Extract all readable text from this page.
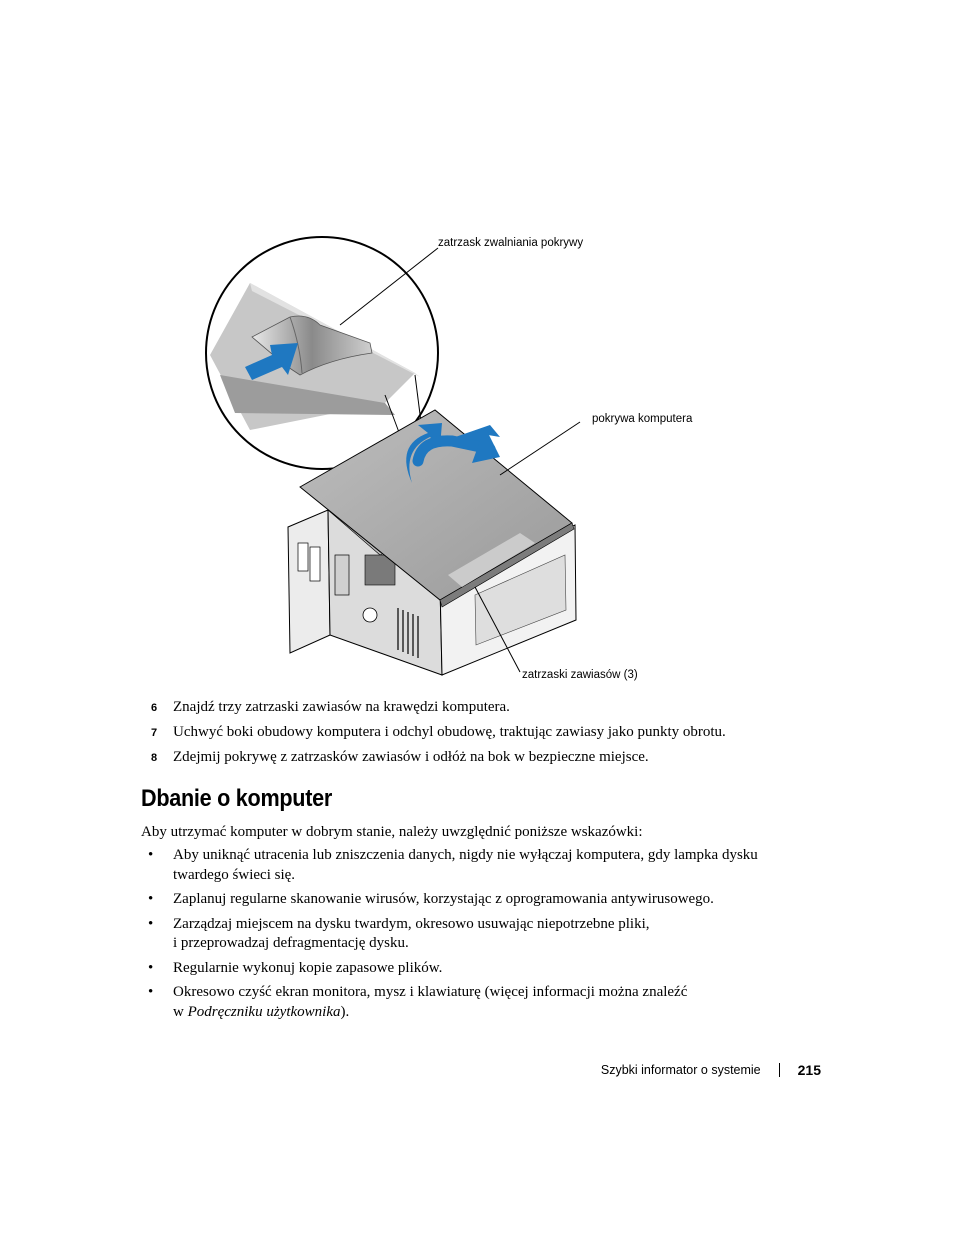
zatrzask zwalniania pokrywy
pokrywa komputera
zatrzaski zawiasów (3)
6 Znajdź trzy zatrzaski zawiasów na krawędzi komputera.
7 Uchwyć boki obudowy komputera i odchyl obudowę, traktując zawiasy jako punkty obrotu.
8 Zdejmij pokrywę z zatrzasków zawiasów i odłóż na bok w bezpieczne miejsce.
Dbanie o komputer
Aby utrzymać komputer w dobrym stanie, należy uwzględnić poniższe wskazówki:
• Aby uniknąć utracenia lub zniszczenia danych, nigdy nie wyłączaj komputera, gdy lampka dysku
twardego świeci się.
• Zaplanuj regularne skanowanie wirusów, korzystając z oprogramowania antywirusowego.
• Zarządzaj miejscem na dysku twardym, okresowo usuwając niepotrzebne pliki,
i przeprowadzaj defragmentację dysku.
• Regularnie wykonuj kopie zapasowe plików.
• Okresowo czyść ekran monitora, mysz i klawiaturę (więcej informacji można znaleźć
w Podręczniku użytkownika).
Szybki informator o systemie	215
